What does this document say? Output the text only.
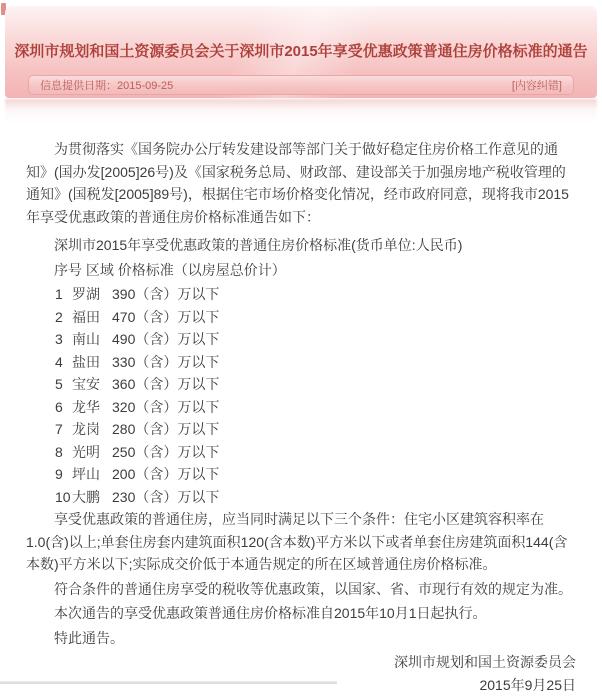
深圳市规划和国土资源委员会关于深圳市2015年享受优惠政策普通住房价格标准的通告
信息提供日期：2015-09-25	[内容纠错]

为贯彻落实《国务院办公厅转发建设部等部门关于做好稳定住房价格工作意见的通知》(国办发[2005]26号)及《国家税务总局、财政部、建设部关于加强房地产税收管理的通知》(国税发[2005]89号)，根据住宅市场价格变化情况，经市政府同意，现将我市2015年享受优惠政策的普通住房价格标准通告如下：

深圳市2015年享受优惠政策的普通住房价格标准(货币单位:人民币)

序号 区域 价格标准（以房屋总价计）

1 罗湖 390（含）万以下
2 福田 470（含）万以下
3 南山 490（含）万以下
4 盐田 330（含）万以下
5 宝安 360（含）万以下
6 龙华 320（含）万以下
7 龙岗 280（含）万以下
8 光明 250（含）万以下
9 坪山 200（含）万以下
10大鹏 230（含）万以下

享受优惠政策的普通住房，应当同时满足以下三个条件：住宅小区建筑容积率在1.0(含)以上;单套住房套内建筑面积120(含本数)平方米以下或者单套住房建筑面积144(含本数)平方米以下;实际成交价低于本通告规定的所在区域普通住房价格标准。

符合条件的普通住房享受的税收等优惠政策，以国家、省、市现行有效的规定为准。

本次通告的享受优惠政策普通住房价格标准自2015年10月1日起执行。

特此通告。

深圳市规划和国土资源委员会

2015年9月25日
